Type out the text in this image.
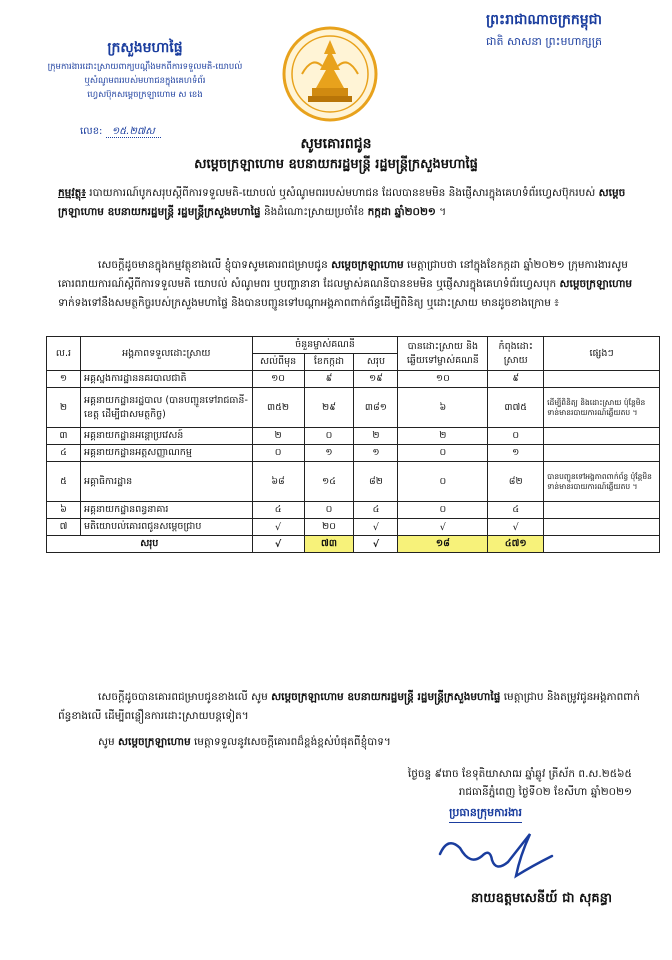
ក្រសួងមហាផ្ទៃ
ក្រុមការងារដោះស្រាយពាក្យបណ្ដឹងមកពីការទទួលមតិ-យោបល់
ឬសំណូមពររបស់មហាជនក្នុងគេហទំព័រ
ហ្វេសប៊ុកសម្ដេចក្រឡាហោម ស ខេង
លេខ: ១៥.២៧ស
ព្រះរាជាណាចក្រកម្ពុជា
ជាតិ សាសនា ព្រះមហាក្សត្រ
សូមគោរពជូន
សម្ដេចក្រឡាហោម ឧបនាយករដ្ឋមន្ត្រី រដ្ឋមន្ត្រីក្រសួងមហាផ្ទៃ
កម្មវត្ថុ៖ របាយការណ៍បូកសរុបស្ដីពីការទទួលមតិ-យោបល់ ឬសំណូមពររបស់មហាជន ដែលបានខមមិន និងផ្ញើសារក្នុងគេហទំព័រហ្វេសប៊ុករបស់ សម្ដេចក្រឡាហោម ឧបនាយករដ្ឋមន្ត្រី រដ្ឋមន្ត្រីក្រសួងមហាផ្ទៃ និងដំណោះស្រាយប្រចាំខែ កក្កដា ឆ្នាំ២០២១ ។
សេចក្ដីដូចមានក្នុងកម្មវត្ថុខាងលើ ខ្ញុំបាទសូមគោរពជម្រាបជូន សម្ដេចក្រឡាហោម មេត្តាជ្រាបថា នៅក្នុងខែកក្កដា ឆ្នាំ២០២១ ក្រុមការងារសូមគោរពរាយការណ៍ស្ដីពីការទទួលមតិ យោបល់ សំណូមពរ ឬបញ្ហានានា ដែលម្ចាស់គណនីបានខមមិន ឬផ្ញើសារក្នុងគេហទំព័រហ្វេសបុក សម្ដេចក្រឡាហោម ទាក់ទងទៅនឹងសមត្ថកិច្ចរបស់ក្រសួងមហាផ្ទៃ និងបានបញ្ជូនទៅបណ្ដាអង្គភាពពាក់ព័ន្ធដើម្បីពិនិត្យ ឬដោះស្រាយ មានដូចខាងក្រោម ៖
ល.រ	អង្គភាពទទួលដោះស្រាយ	ចំនួនម្ចាស់គណនី			បានដោះស្រាយ និងឆ្លើយទៅម្ចាស់គណនី	កំពុងដោះស្រាយ	ផ្សេងៗ
		សល់ពីមុន	ខែកក្កដា	សរុប			
១	អគ្គស្នងការដ្ឋាននគរបាលជាតិ	១០	៩	១៩	១០	៩	
២	អគ្គនាយកដ្ឋានរដ្ឋបាល (បានបញ្ជូនទៅរាជធានី-ខេត្ត ដើម្បីជាសមត្ថកិច្ច)	៣៥២	២៩	៣៨១	៦	៣៧៥	ដើម្បីពិនិត្យ និងដោះស្រាយ ប៉ុន្តែមិនទាន់មានរបាយការណ៍ឆ្លើយតប ។
៣	អគ្គនាយកដ្ឋានអន្តោប្រវេសន៍	២	០	២	២	០	
៤	អគ្គនាយកដ្ឋានអត្តសញ្ញាណកម្ម	០	១	១	០	១	
៥	អគ្គាធិការដ្ឋាន	៦៨	១៤	៨២	០	៨២	បានបញ្ជូនទៅអង្គភាពពាក់ព័ន្ធ ប៉ុន្តែមិនទាន់មានរបាយការណ៍ឆ្លើយតប ។
៦	អគ្គនាយកដ្ឋានពន្ធនាគារ	៤	០	៤	០	៤	
៧	មតិយោបល់គោរពជូនសម្ដេចជ្រាប	√	២០	√	√	√	
សរុប		√	៧៣	√	១៨	៤៧១	
សេចក្ដីដូចបានគោរពជម្រាបជូនខាងលើ សូម សម្ដេចក្រឡាហោម ឧបនាយករដ្ឋមន្ត្រី រដ្ឋមន្ត្រីក្រសួងមហាផ្ទៃ មេត្តាជ្រាប និងតម្រូវជូនអង្គភាពពាក់ព័ន្ធខាងលើ ដើម្បីពន្លឿនការដោះស្រាយបន្តទៀត។
សូម សម្ដេចក្រឡាហោម មេត្តាទទួលនូវសេចក្ដីគោរពដ៏ខ្ពង់ខ្ពស់បំផុតពីខ្ញុំបាទ។
ថ្ងៃចន្ទ ៩រោច ខែទុតិយាសាឍ ឆ្នាំឆ្លូវ ត្រីស័ក ព.ស.២៥៦៥
រាជធានីភ្នំពេញ ថ្ងៃទី០២ ខែសីហា ឆ្នាំ២០២១
ប្រធានក្រុមការងារ
នាយឧត្ដមសេនីយ៍ ជា សុគន្ធា
